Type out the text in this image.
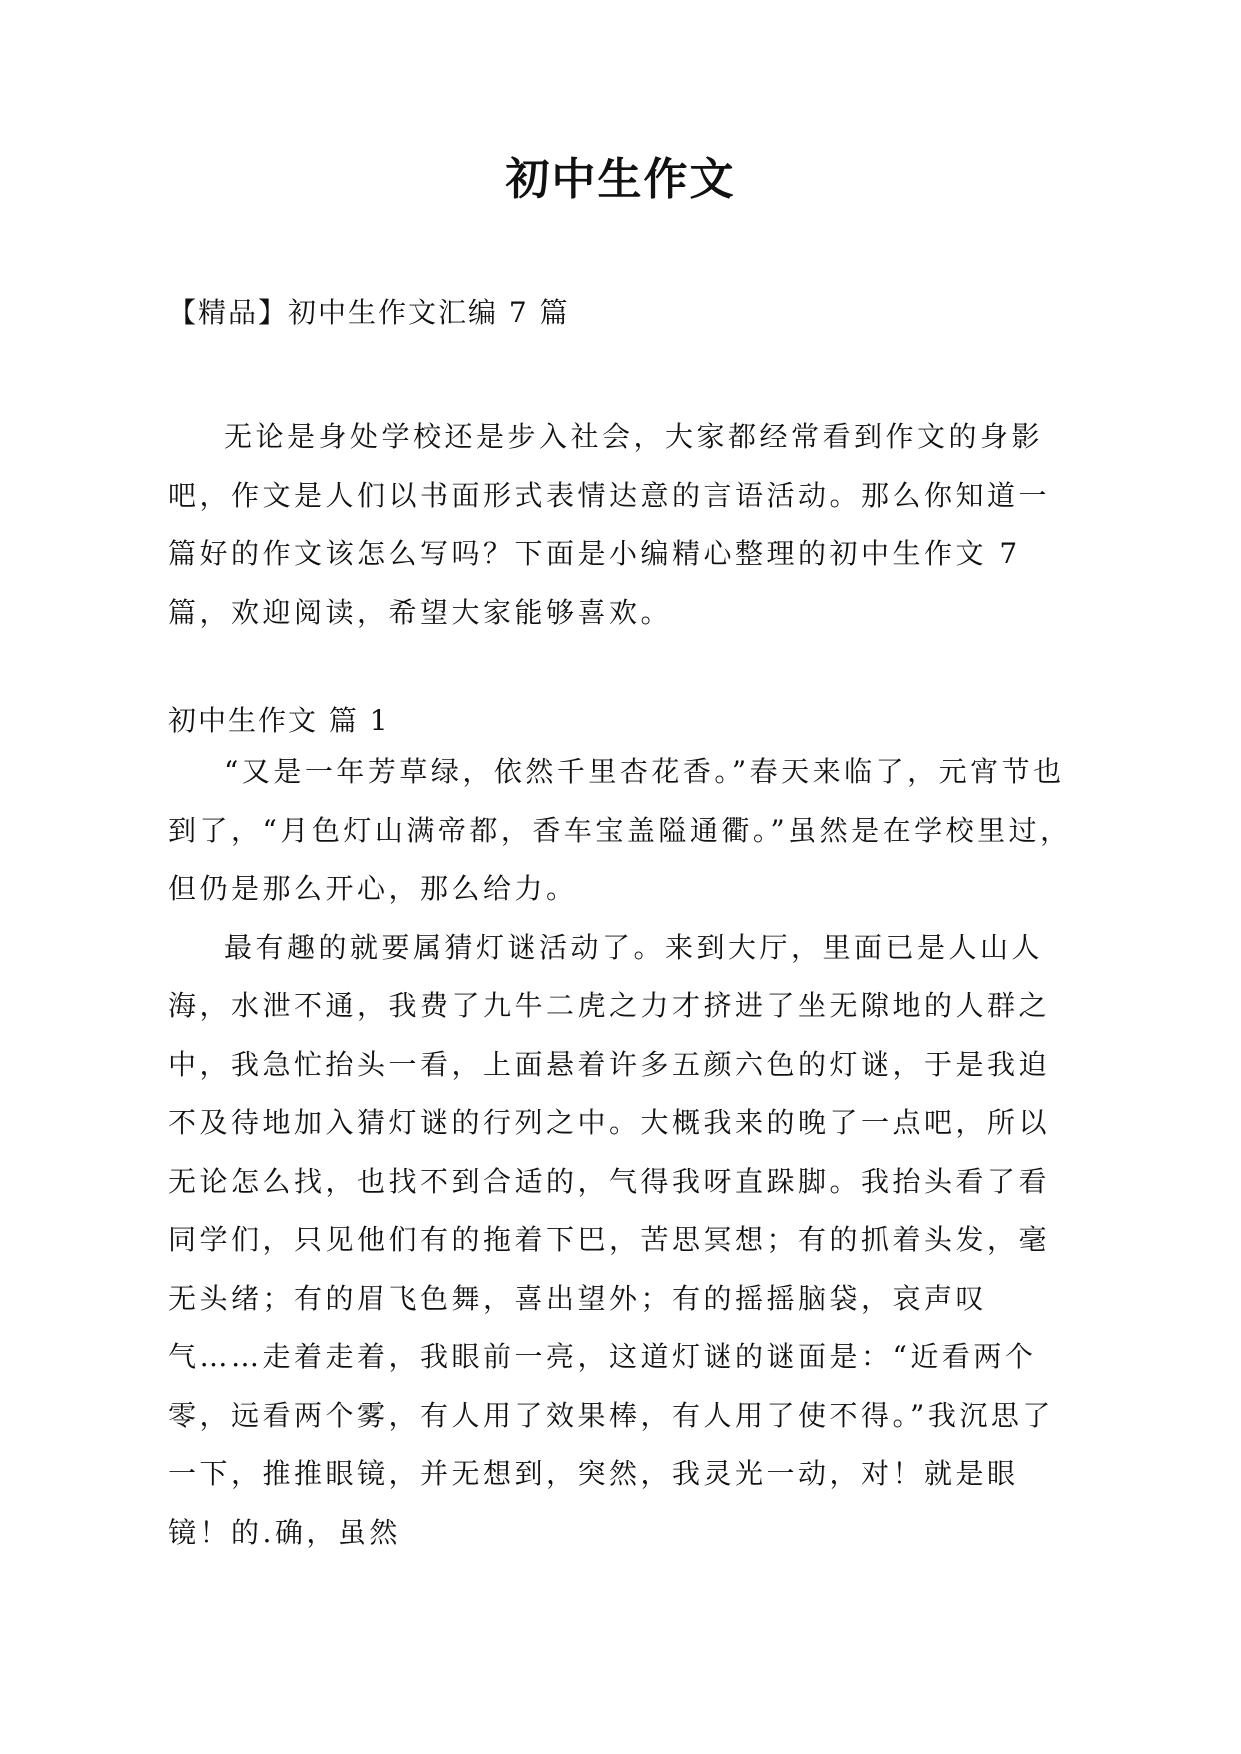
初中生作文
【精品】初中生作文汇编 7 篇

无论是身处学校还是步入社会，大家都经常看到作文的身影吧，作文是人们以书面形式表情达意的言语活动。那么你知道一篇好的作文该怎么写吗？下面是小编精心整理的初中生作文 7 篇，欢迎阅读，希望大家能够喜欢。

初中生作文 篇 1

“又是一年芳草绿，依然千里杏花香。”春天来临了，元宵节也到了，“月色灯山满帝都，香车宝盖隘通衢。”虽然是在学校里过，但仍是那么开心，那么给力。

最有趣的就要属猜灯谜活动了。来到大厅，里面已是人山人海，水泄不通，我费了九牛二虎之力才挤进了坐无隙地的人群之中，我急忙抬头一看，上面悬着许多五颜六色的灯谜，于是我迫不及待地加入猜灯谜的行列之中。大概我来的晚了一点吧，所以无论怎么找，也找不到合适的，气得我呀直跺脚。我抬头看了看同学们，只见他们有的拖着下巴，苦思冥想；有的抓着头发，毫无头绪；有的眉飞色舞，喜出望外；有的摇摇脑袋，哀声叹气……走着走着，我眼前一亮，这道灯谜的谜面是：“近看两个零，远看两个雾，有人用了效果棒，有人用了使不得。”我沉思了一下，推推眼镜，并无想到，突然，我灵光一动，对！就是眼镜！的.确，虽然
